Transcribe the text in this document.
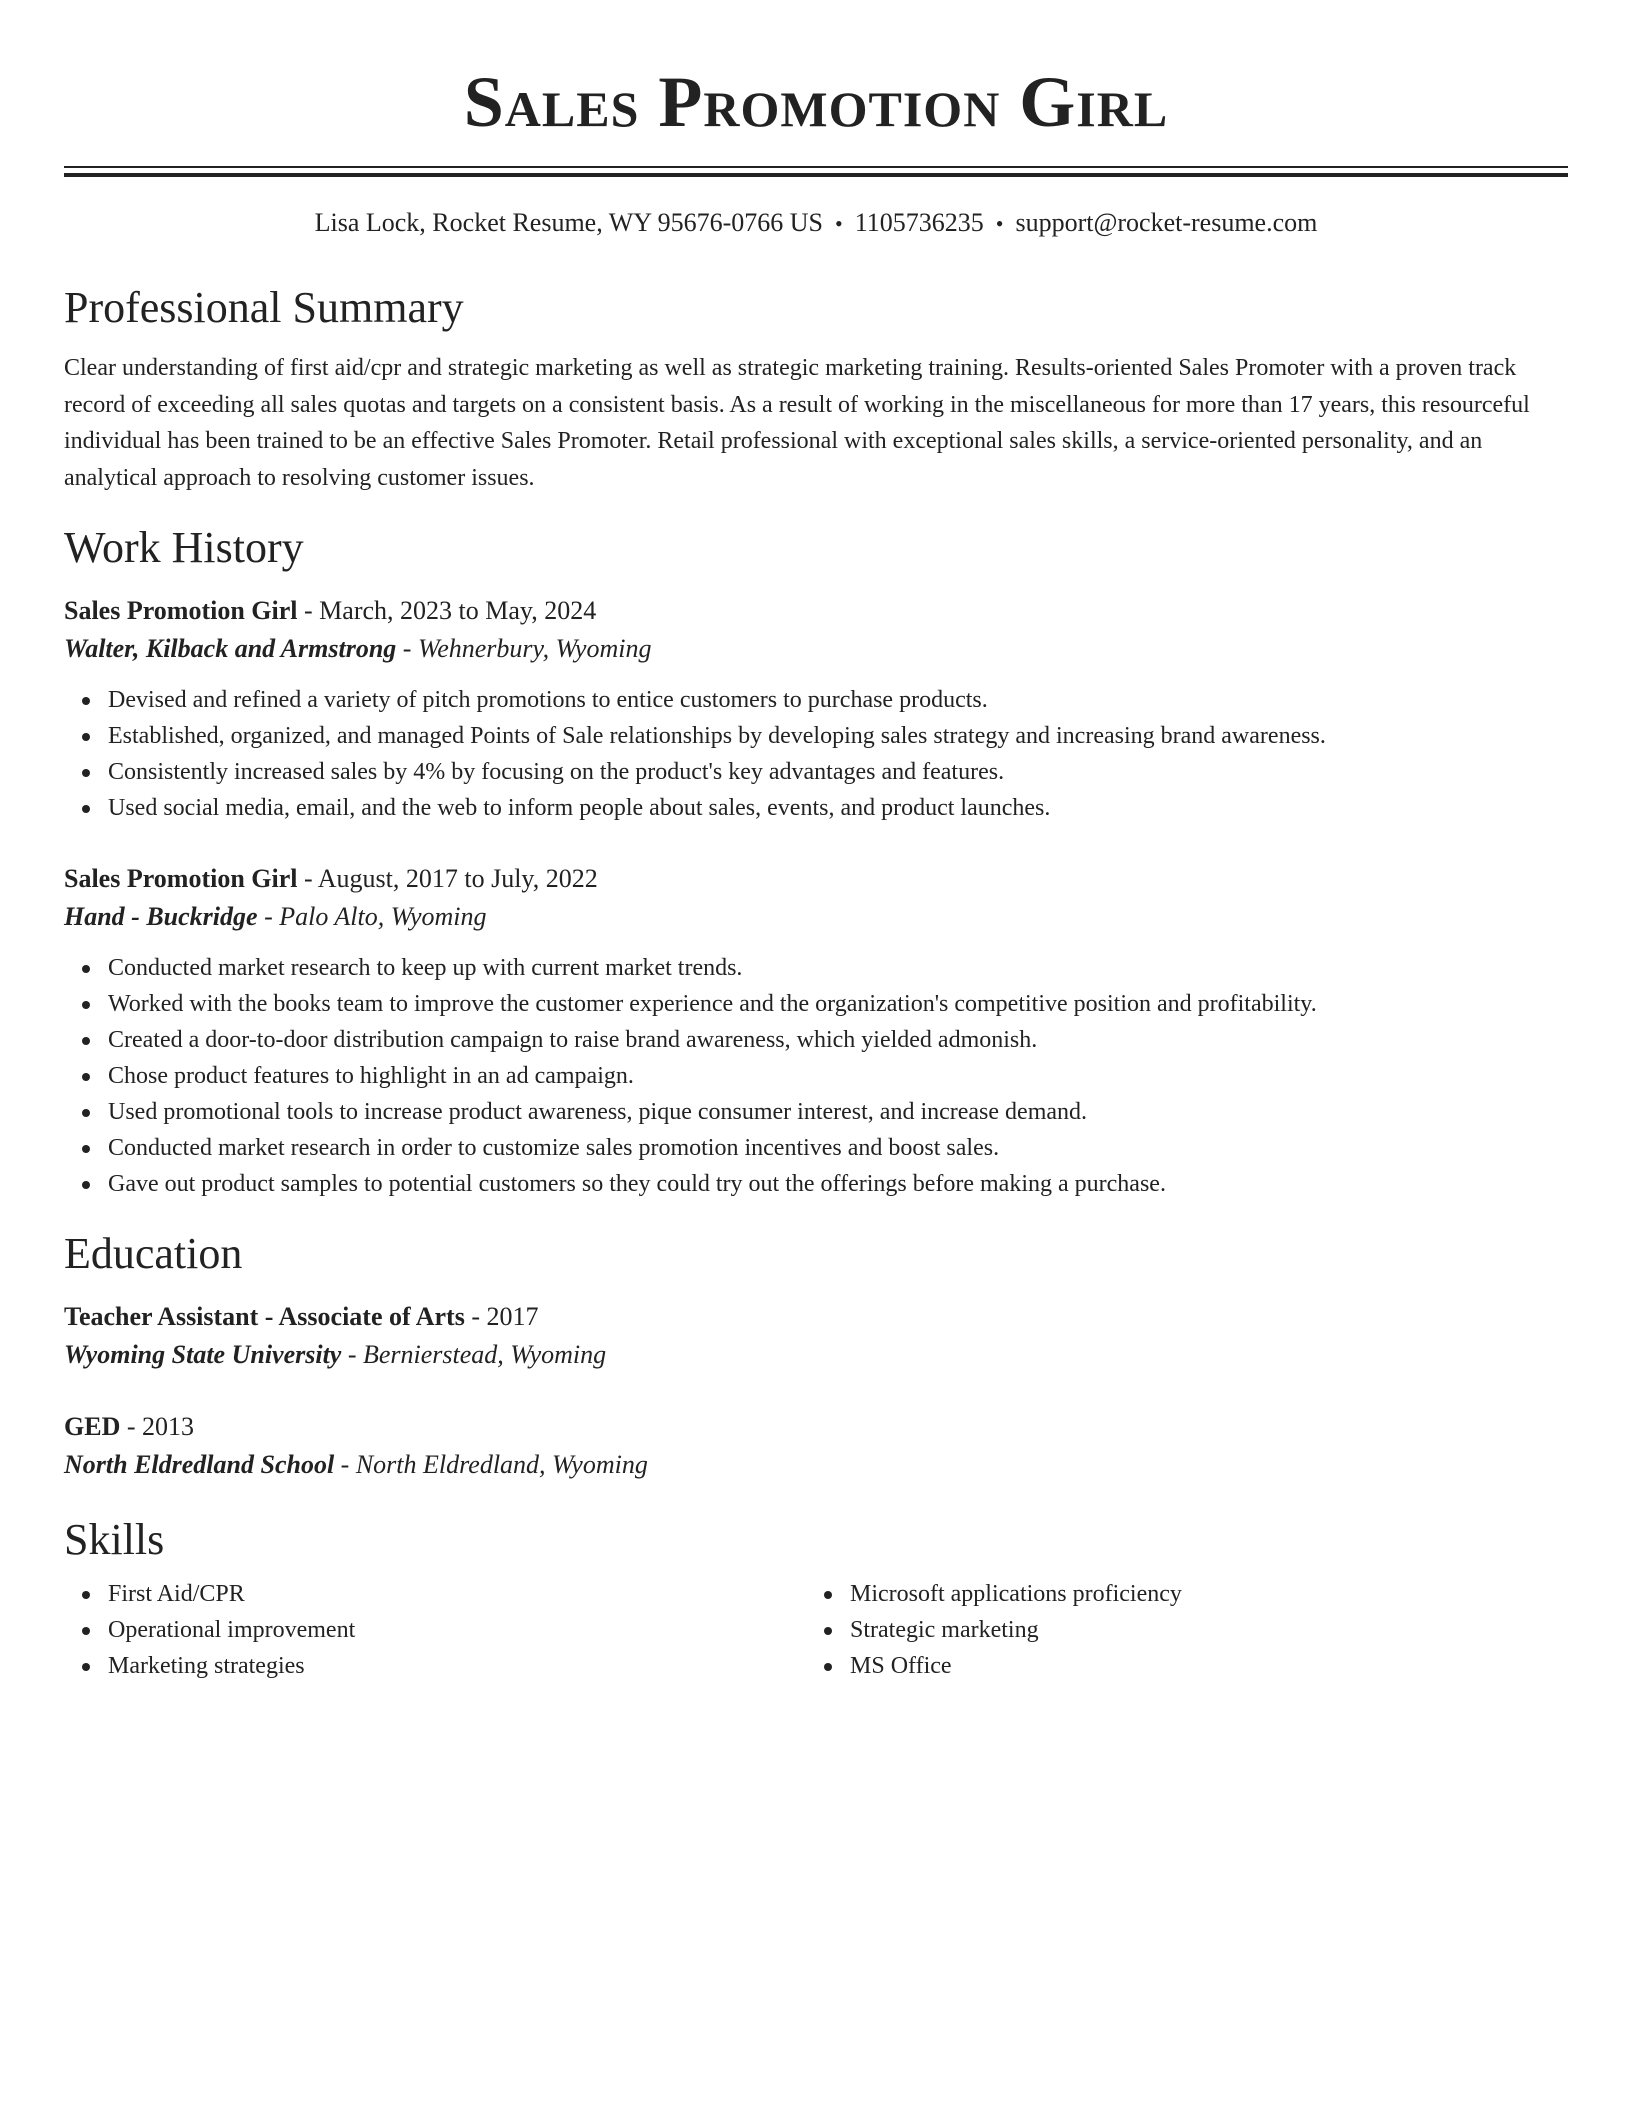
Sales Promotion Girl
Lisa Lock, Rocket Resume, WY 95676-0766 US • 1105736235 • support@rocket-resume.com
Professional Summary
Clear understanding of first aid/cpr and strategic marketing as well as strategic marketing training. Results-oriented Sales Promoter with a proven track record of exceeding all sales quotas and targets on a consistent basis. As a result of working in the miscellaneous for more than 17 years, this resourceful individual has been trained to be an effective Sales Promoter. Retail professional with exceptional sales skills, a service-oriented personality, and an analytical approach to resolving customer issues.
Work History
Sales Promotion Girl - March, 2023 to May, 2024
Walter, Kilback and Armstrong - Wehnerbury, Wyoming
Devised and refined a variety of pitch promotions to entice customers to purchase products.
Established, organized, and managed Points of Sale relationships by developing sales strategy and increasing brand awareness.
Consistently increased sales by 4% by focusing on the product's key advantages and features.
Used social media, email, and the web to inform people about sales, events, and product launches.
Sales Promotion Girl - August, 2017 to July, 2022
Hand - Buckridge - Palo Alto, Wyoming
Conducted market research to keep up with current market trends.
Worked with the books team to improve the customer experience and the organization's competitive position and profitability.
Created a door-to-door distribution campaign to raise brand awareness, which yielded admonish.
Chose product features to highlight in an ad campaign.
Used promotional tools to increase product awareness, pique consumer interest, and increase demand.
Conducted market research in order to customize sales promotion incentives and boost sales.
Gave out product samples to potential customers so they could try out the offerings before making a purchase.
Education
Teacher Assistant - Associate of Arts - 2017
Wyoming State University - Bernierstead, Wyoming
GED - 2013
North Eldredland School - North Eldredland, Wyoming
Skills
First Aid/CPR
Operational improvement
Marketing strategies
Microsoft applications proficiency
Strategic marketing
MS Office
